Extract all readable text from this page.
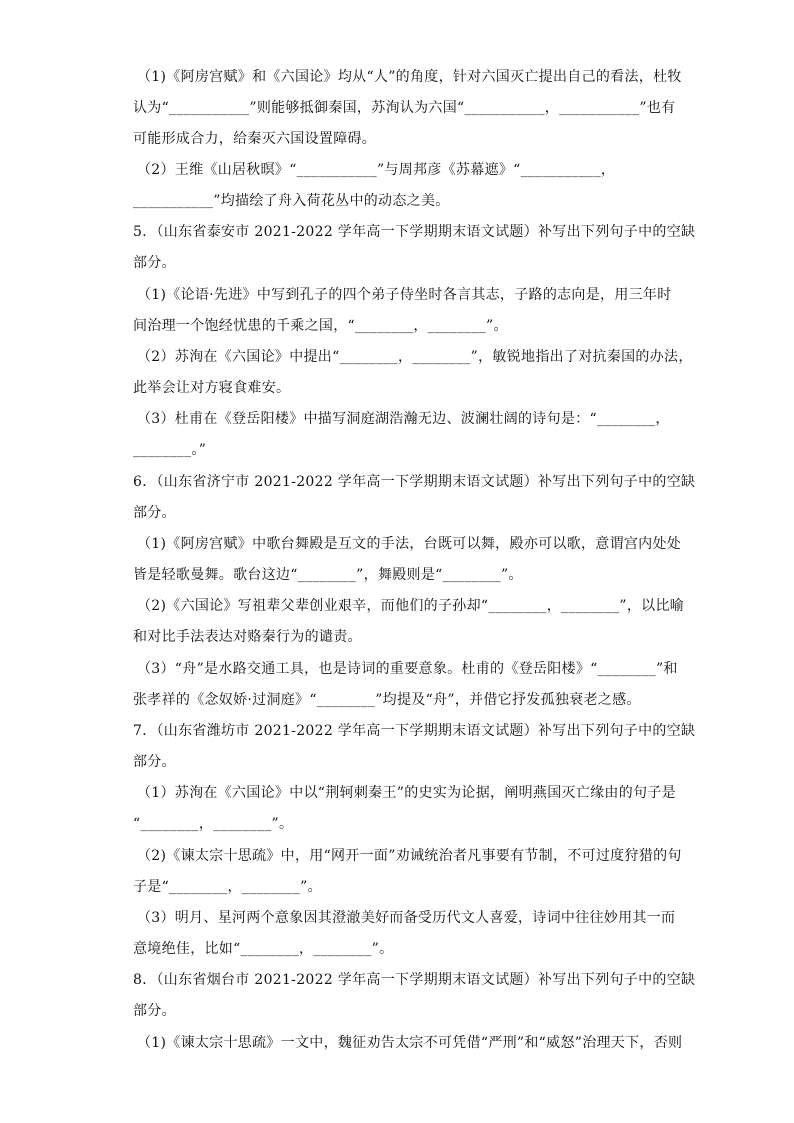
（1)《阿房宫赋》和《六国论》均从“人”的角度，针对六国灭亡提出自己的看法，杜牧
认为“___________”则能够抵御秦国，苏洵认为六国“___________，___________”也有
可能形成合力，给秦灭六国设置障碍。
（2）王维《山居秋暝》“___________”与周邦彦《苏幕遮》“___________，
___________”均描绘了舟入荷花丛中的动态之美。
5．（山东省泰安市 2021-2022 学年高一下学期期末语文试题）补写出下列句子中的空缺
部分。
（1)《论语·先进》中写到孔子的四个弟子侍坐时各言其志，子路的志向是，用三年时
间治理一个饱经忧患的千乘之国，“________，________”。
（2）苏洵在《六国论》中提出“________，________”，敏锐地指出了对抗秦国的办法，
此举会让对方寝食难安。
（3）杜甫在《登岳阳楼》中描写洞庭湖浩瀚无边、波澜壮阔的诗句是：“________，
________。”
6．（山东省济宁市 2021-2022 学年高一下学期期末语文试题）补写出下列句子中的空缺
部分。
（1)《阿房宫赋》中歌台舞殿是互文的手法，台既可以舞，殿亦可以歌，意谓宫内处处
皆是轻歌曼舞。歌台这边“________”，舞殿则是“________”。
（2)《六国论》写祖辈父辈创业艰辛，而他们的子孙却“________，________”，以比喻
和对比手法表达对赂秦行为的谴责。
（3）“舟”是水路交通工具，也是诗词的重要意象。杜甫的《登岳阳楼》“________”和
张孝祥的《念奴娇·过洞庭》“________”均提及“舟”，并借它抒发孤独衰老之感。
7．（山东省潍坊市 2021-2022 学年高一下学期期末语文试题）补写出下列句子中的空缺
部分。
（1）苏洵在《六国论》中以“荆轲刺秦王”的史实为论据，阐明燕国灭亡缘由的句子是
“________，________”。
（2)《谏太宗十思疏》中，用“网开一面”劝诫统治者凡事要有节制，不可过度狩猎的句
子是“________，________”。
（3）明月、星河两个意象因其澄澈美好而备受历代文人喜爱，诗词中往往妙用其一而
意境绝佳，比如“________，________”。
8．（山东省烟台市 2021-2022 学年高一下学期期末语文试题）补写出下列句子中的空缺
部分。
（1)《谏太宗十思疏》一文中，魏征劝告太宗不可凭借“严刑”和“威怒”治理天下，否则
